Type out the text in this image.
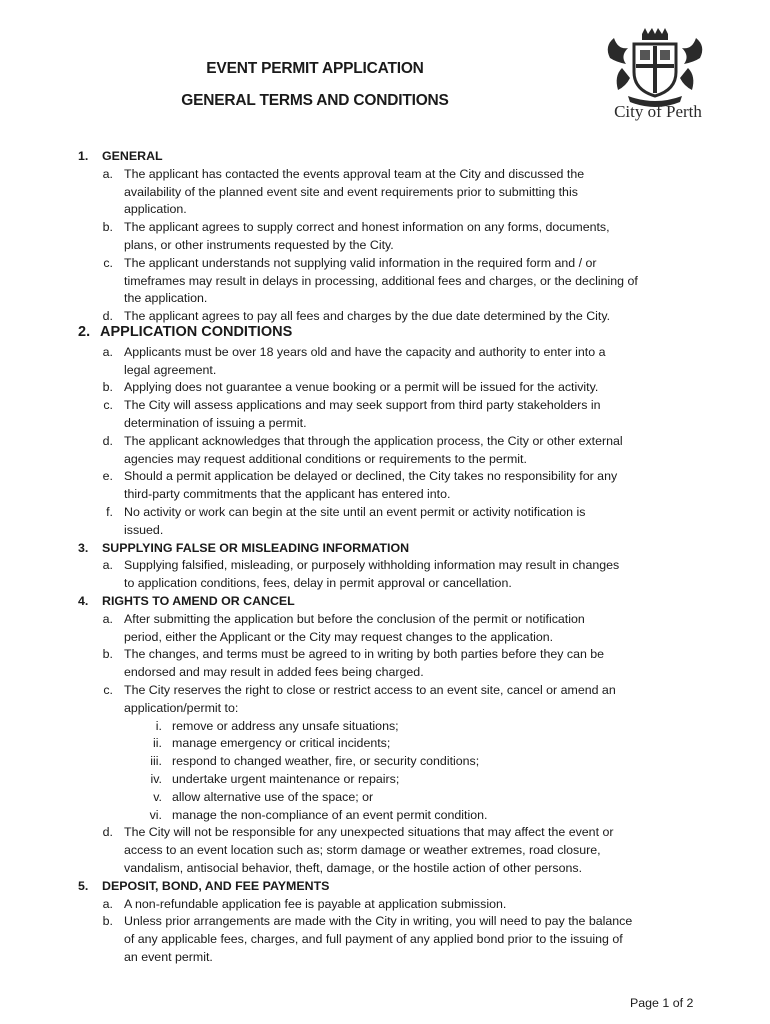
EVENT PERMIT APPLICATION
GENERAL TERMS AND CONDITIONS
City of Perth
1. GENERAL
a. The applicant has contacted the events approval team at the City and discussed the
availability of the planned event site and event requirements prior to submitting this
application.
b. The applicant agrees to supply correct and honest information on any forms, documents,
plans, or other instruments requested by the City.
c. The applicant understands not supplying valid information in the required form and / or
timeframes may result in delays in processing, additional fees and charges, or the declining of
the application.
d. The applicant agrees to pay all fees and charges by the due date determined by the City.
2. APPLICATION CONDITIONS
a. Applicants must be over 18 years old and have the capacity and authority to enter into a
legal agreement.
b. Applying does not guarantee a venue booking or a permit will be issued for the activity.
c. The City will assess applications and may seek support from third party stakeholders in
determination of issuing a permit.
d. The applicant acknowledges that through the application process, the City or other external
agencies may request additional conditions or requirements to the permit.
e. Should a permit application be delayed or declined, the City takes no responsibility for any
third-party commitments that the applicant has entered into.
f. No activity or work can begin at the site until an event permit or activity notification is
issued.
3. SUPPLYING FALSE OR MISLEADING INFORMATION
a. Supplying falsified, misleading, or purposely withholding information may result in changes
to application conditions, fees, delay in permit approval or cancellation.
4. RIGHTS TO AMEND OR CANCEL
a. After submitting the application but before the conclusion of the permit or notification
period, either the Applicant or the City may request changes to the application.
b. The changes, and terms must be agreed to in writing by both parties before they can be
endorsed and may result in added fees being charged.
c. The City reserves the right to close or restrict access to an event site, cancel or amend an
application/permit to:
i. remove or address any unsafe situations;
ii. manage emergency or critical incidents;
iii. respond to changed weather, fire, or security conditions;
iv. undertake urgent maintenance or repairs;
v. allow alternative use of the space; or
vi. manage the non-compliance of an event permit condition.
d. The City will not be responsible for any unexpected situations that may affect the event or
access to an event location such as; storm damage or weather extremes, road closure,
vandalism, antisocial behavior, theft, damage, or the hostile action of other persons.
5. DEPOSIT, BOND, AND FEE PAYMENTS
a. A non-refundable application fee is payable at application submission.
b. Unless prior arrangements are made with the City in writing, you will need to pay the balance
of any applicable fees, charges, and full payment of any applied bond prior to the issuing of
an event permit.
Page 1 of 2
